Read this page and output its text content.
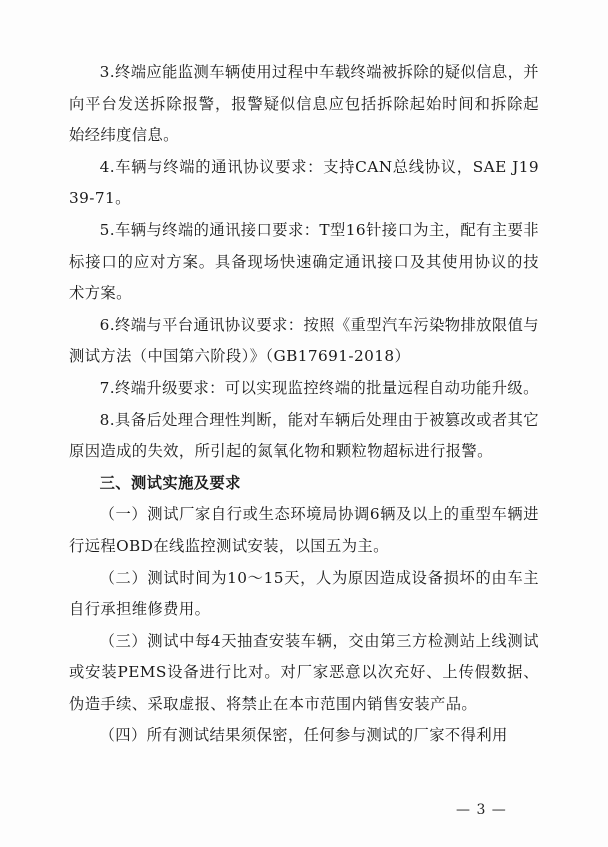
3.终端应能监测车辆使用过程中车载终端被拆除的疑似信息，并向平台发送拆除报警，报警疑似信息应包括拆除起始时间和拆除起始经纬度信息。

4.车辆与终端的通讯协议要求：支持CAN总线协议，SAE J1939-71。

5.车辆与终端的通讯接口要求：T型16针接口为主，配有主要非标接口的应对方案。具备现场快速确定通讯接口及其使用协议的技术方案。

6.终端与平台通讯协议要求：按照《重型汽车污染物排放限值与测试方法（中国第六阶段）》（GB17691-2018）

7.终端升级要求：可以实现监控终端的批量远程自动功能升级。

8.具备后处理合理性判断，能对车辆后处理由于被篡改或者其它原因造成的失效，所引起的氮氧化物和颗粒物超标进行报警。

三、测试实施及要求

（一）测试厂家自行或生态环境局协调6辆及以上的重型车辆进行远程OBD在线监控测试安装，以国五为主。

（二）测试时间为10～15天，人为原因造成设备损坏的由车主自行承担维修费用。

（三）测试中每4天抽查安装车辆，交由第三方检测站上线测试或安装PEMS设备进行比对。对厂家恶意以次充好、上传假数据、伪造手续、采取虚报、将禁止在本市范围内销售安装产品。

（四）所有测试结果须保密，任何参与测试的厂家不得利用

— 3 —
